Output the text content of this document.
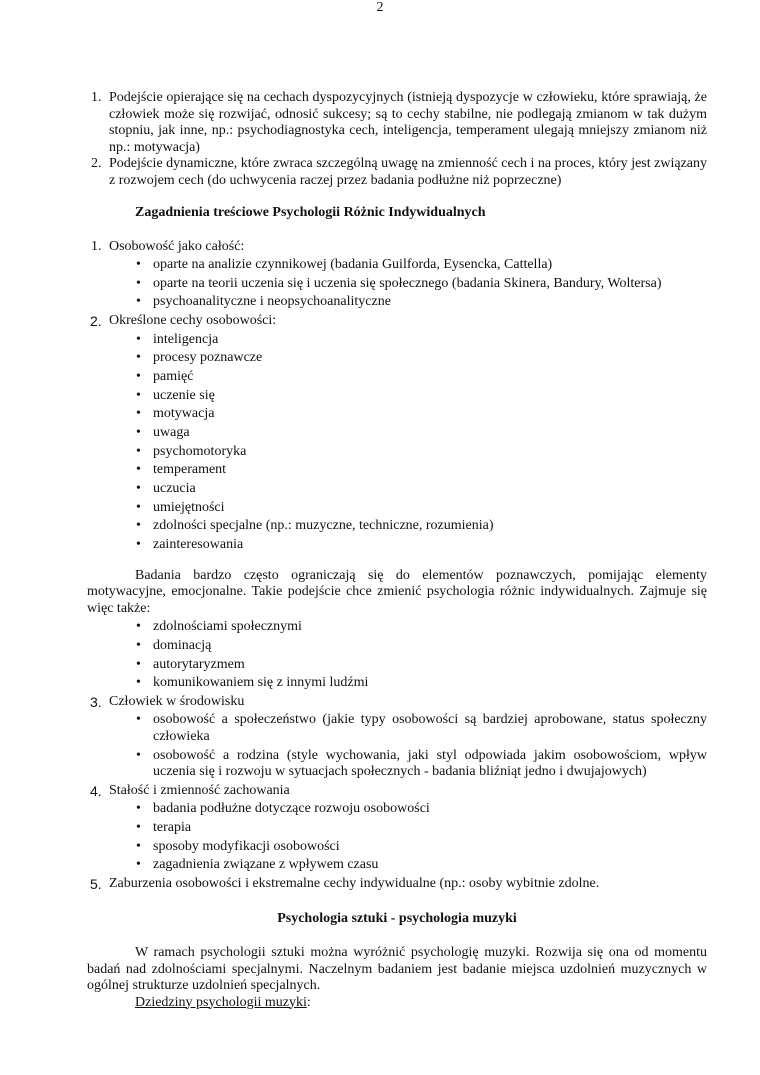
2
1. Podejście opierające się na cechach dyspozycyjnych (istnieją dyspozycje w człowieku, które sprawiają, że człowiek może się rozwijać, odnosić sukcesy; są to cechy stabilne, nie podlegają zmianom w tak dużym stopniu, jak inne, np.: psychodiagnostyka cech, inteligencja, temperament ulegają mniejszy zmianom niż np.: motywacja)
2. Podejście dynamiczne, które zwraca szczególną uwagę na zmienność cech i na proces, który jest związany z rozwojem cech (do uchwycenia raczej przez badania podłużne niż poprzeczne)
Zagadnienia treściowe Psychologii Różnic Indywidualnych
1. Osobowość jako całość:
• oparte na analizie czynnikowej (badania Guilforda, Eysencka, Cattella)
• oparte na teorii uczenia się i uczenia się społecznego (badania Skinera, Bandury, Woltersa)
• psychoanalityczne i neopsychoanalityczne
2. Określone cechy osobowości:
• inteligencja
• procesy poznawcze
• pamięć
• uczenie się
• motywacja
• uwaga
• psychomotoryka
• temperament
• uczucia
• umiejętności
• zdolności specjalne (np.: muzyczne, techniczne, rozumienia)
• zainteresowania
Badania bardzo często ograniczają się do elementów poznawczych, pomijając elementy motywacyjne, emocjonalne. Takie podejście chce zmienić psychologia różnic indywidualnych. Zajmuje się więc także:
• zdolnościami społecznymi
• dominacją
• autorytaryzmem
• komunikowaniem się z innymi ludźmi
3. Człowiek w środowisku
• osobowość a społeczeństwo (jakie typy osobowości są bardziej aprobowane, status społeczny człowieka
• osobowość a rodzina (style wychowania, jaki styl odpowiada jakim osobowościom, wpływ uczenia się i rozwoju w sytuacjach społecznych - badania bliźniąt jedno i dwujajowych)
4. Stałość i zmienność zachowania
• badania podłużne dotyczące rozwoju osobowości
• terapia
• sposoby modyfikacji osobowości
• zagadnienia związane z wpływem czasu
5. Zaburzenia osobowości i ekstremalne cechy indywidualne (np.: osoby wybitnie zdolne.
Psychologia sztuki - psychologia muzyki
W ramach psychologii sztuki można wyróżnić psychologię muzyki. Rozwija się ona od momentu badań nad zdolnościami specjalnymi. Naczelnym badaniem jest badanie miejsca uzdolnień muzycznych w ogólnej strukturze uzdolnień specjalnych.
Dziedziny psychologii muzyki:
